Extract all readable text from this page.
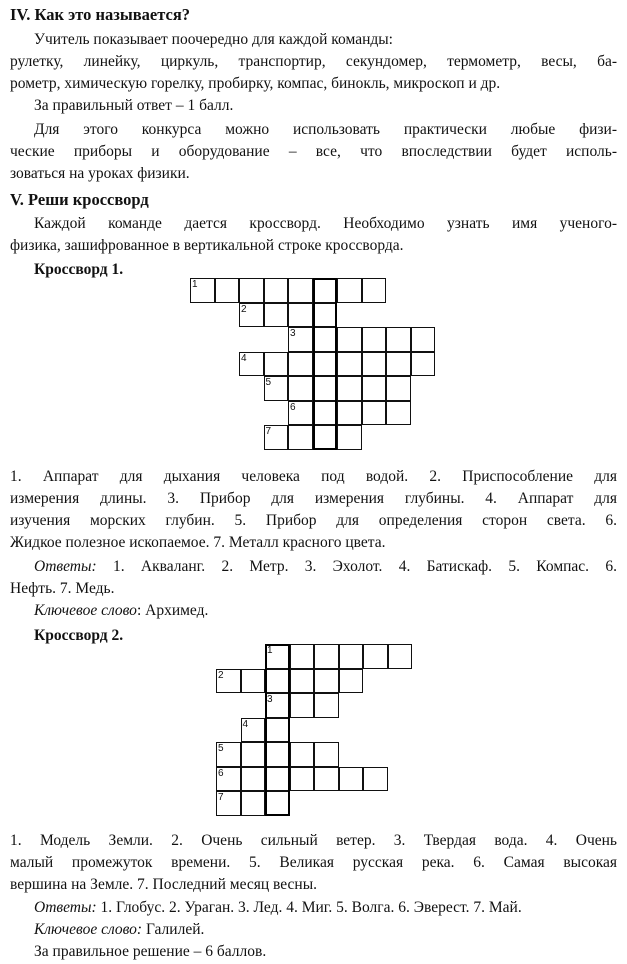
IV. Как это называется?
Учитель показывает поочередно для каждой команды:
рулетку, линейку, циркуль, транспортир, секундомер, термометр, весы, ба-
рометр, химическую горелку, пробирку, компас, бинокль, микроскоп и др.
За правильный ответ – 1 балл.
Для этого конкурса можно использовать практически любые физи-
ческие приборы и оборудование – все, что впоследствии будет исполь-
зоваться на уроках физики.
V. Реши кроссворд
Каждой команде дается кроссворд. Необходимо узнать имя ученого-
физика, зашифрованное в вертикальной строке кроссворда.
Кроссворд 1.
1
2
3
4
5
6
7
1. Аппарат для дыхания человека под водой. 2. Приспособление для
измерения длины. 3. Прибор для измерения глубины. 4. Аппарат для
изучения морских глубин. 5. Прибор для определения сторон света. 6.
Жидкое полезное ископаемое. 7. Металл красного цвета.
Ответы: 1. Акваланг. 2. Метр. 3. Эхолот. 4. Батискаф. 5. Компас. 6.
Нефть. 7. Медь.
Ключевое слово: Архимед.
Кроссворд 2.
1
2
3
4
5
6
7
1. Модель Земли. 2. Очень сильный ветер. 3. Твердая вода. 4. Очень
малый промежуток времени. 5. Великая русская река. 6. Самая высокая
вершина на Земле. 7. Последний месяц весны.
Ответы: 1. Глобус. 2. Ураган. 3. Лед. 4. Миг. 5. Волга. 6. Эверест. 7. Май.
Ключевое слово: Галилей.
За правильное решение – 6 баллов.
